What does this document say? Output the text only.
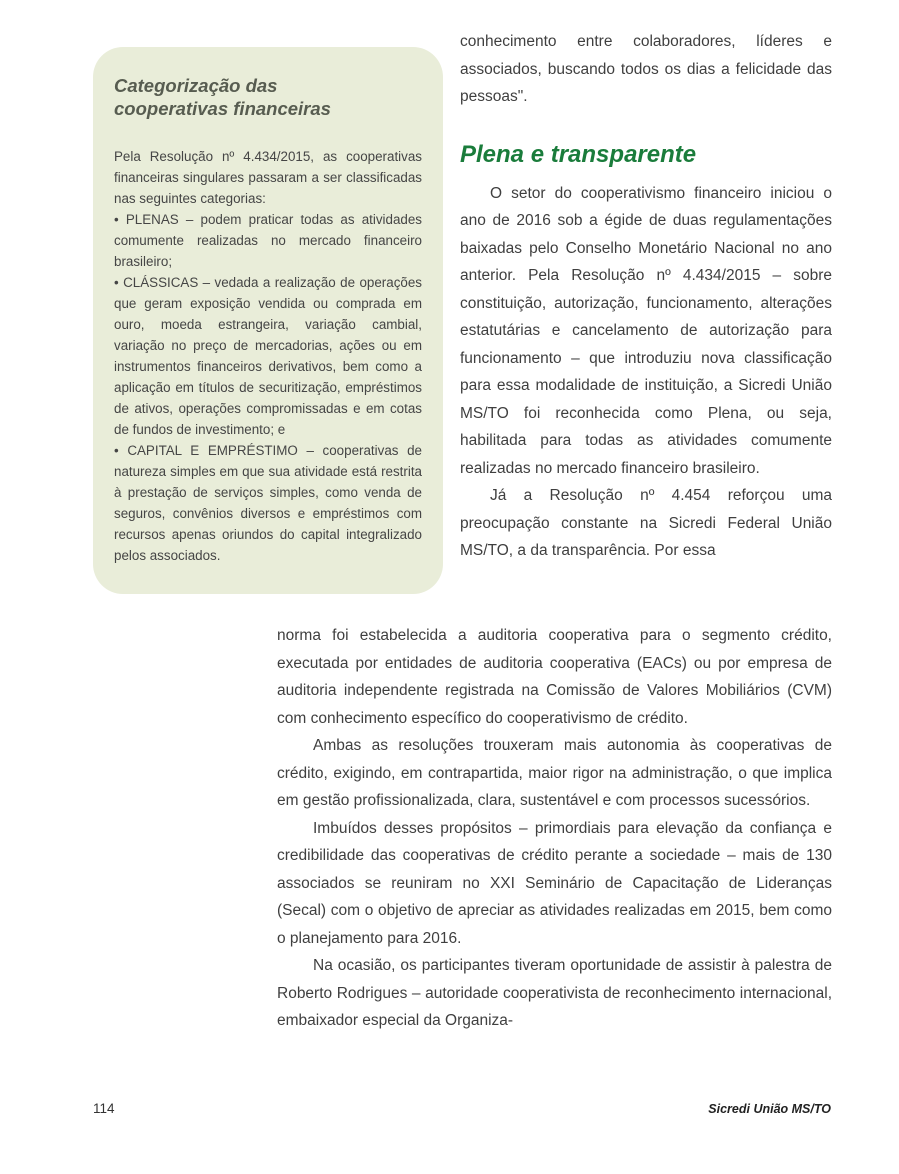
Categorização das cooperativas financeiras

Pela Resolução nº 4.434/2015, as cooperativas financeiras singulares passaram a ser classificadas nas seguintes categorias:

• PLENAS – podem praticar todas as atividades comumente realizadas no mercado financeiro brasileiro;

• CLÁSSICAS – vedada a realização de operações que geram exposição vendida ou comprada em ouro, moeda estrangeira, variação cambial, variação no preço de mercadorias, ações ou em instrumentos financeiros derivativos, bem como a aplicação em títulos de securitização, empréstimos de ativos, operações compromissadas e em cotas de fundos de investimento; e

• CAPITAL E EMPRÉSTIMO – cooperativas de natureza simples em que sua atividade está restrita à prestação de serviços simples, como venda de seguros, convênios diversos e empréstimos com recursos apenas oriundos do capital integralizado pelos associados.

conhecimento entre colaboradores, líderes e associados, buscando todos os dias a felicidade das pessoas".

Plena e transparente

O setor do cooperativismo financeiro iniciou o ano de 2016 sob a égide de duas regulamentações baixadas pelo Conselho Monetário Nacional no ano anterior. Pela Resolução nº 4.434/2015 – sobre constituição, autorização, funcionamento, alterações estatutárias e cancelamento de autorização para funcionamento – que introduziu nova classificação para essa modalidade de instituição, a Sicredi União MS/TO foi reconhecida como Plena, ou seja, habilitada para todas as atividades comumente realizadas no mercado financeiro brasileiro.

Já a Resolução nº 4.454 reforçou uma preocupação constante na Sicredi Federal União MS/TO, a da transparência. Por essa

norma foi estabelecida a auditoria cooperativa para o segmento crédito, executada por entidades de auditoria cooperativa (EACs) ou por empresa de auditoria independente registrada na Comissão de Valores Mobiliários (CVM) com conhecimento específico do cooperativismo de crédito.

Ambas as resoluções trouxeram mais autonomia às cooperativas de crédito, exigindo, em contrapartida, maior rigor na administração, o que implica em gestão profissionalizada, clara, sustentável e com processos sucessórios.

Imbuídos desses propósitos – primordiais para elevação da confiança e credibilidade das cooperativas de crédito perante a sociedade – mais de 130 associados se reuniram no XXI Seminário de Capacitação de Lideranças (Secal) com o objetivo de apreciar as atividades realizadas em 2015, bem como o planejamento para 2016.

Na ocasião, os participantes tiveram oportunidade de assistir à palestra de Roberto Rodrigues – autoridade cooperativista de reconhecimento internacional, embaixador especial da Organiza-

114	Sicredi União MS/TO
